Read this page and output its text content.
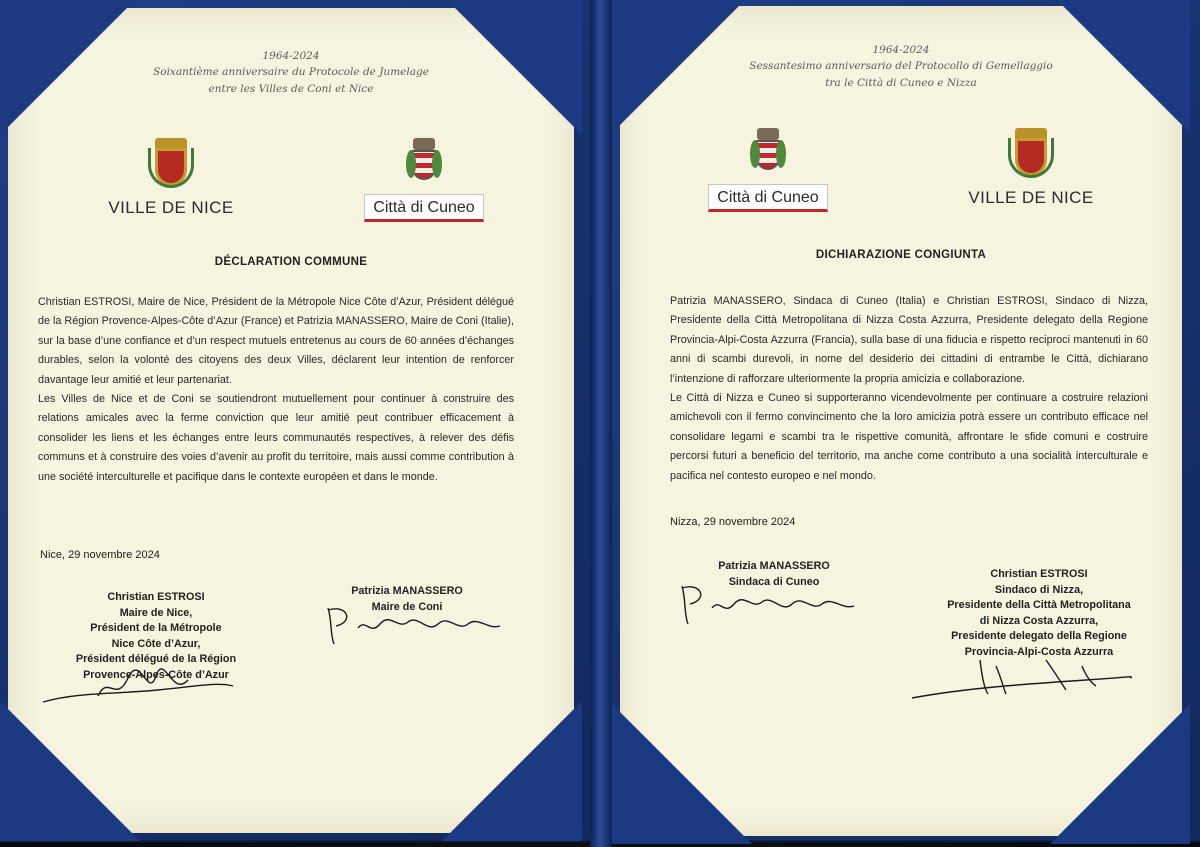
1964-2024
Soixantième anniversaire du Protocole de Jumelage
entre les Villes de Coni et Nice
VILLE DE NICE	Città di Cuneo
DÉCLARATION COMMUNE

Christian ESTROSI, Maire de Nice, Président de la Métropole Nice Côte d’Azur, Président délégué de la Région Provence-Alpes-Côte d’Azur (France) et Patrizia MANASSERO, Maire de Coni (Italie), sur la base d’une confiance et d’un respect mutuels entretenus au cours de 60 années d’échanges durables, selon la volonté des citoyens des deux Villes, déclarent leur intention de renforcer davantage leur amitié et leur partenariat.

Les Villes de Nice et de Coni se soutiendront mutuellement pour continuer à construire des relations amicales avec la ferme conviction que leur amitié peut contribuer efficacement à consolider les liens et les échanges entre leurs communautés respectives, à relever des défis communs et à construire des voies d’avenir au profit du territoire, mais aussi comme contribution à une société interculturelle et pacifique dans le contexte européen et dans le monde.

Nice, 29 novembre 2024
Christian ESTROSI
Maire de Nice,
Président de la Métropole
Nice Côte d’Azur,
Président délégué de la Région
Provence-Alpes-Côte d’Azur
Patrizia MANASSERO
Maire de Coni
1964-2024
Sessantesimo anniversario del Protocollo di Gemellaggio
tra le Città di Cuneo e Nizza
Città di Cuneo	VILLE DE NICE
DICHIARAZIONE CONGIUNTA

Patrizia MANASSERO, Sindaca di Cuneo (Italia) e Christian ESTROSI, Sindaco di Nizza, Presidente della Città Metropolitana di Nizza Costa Azzurra, Presidente delegato della Regione Provincia-Alpi-Costa Azzurra (Francia), sulla base di una fiducia e rispetto reciproci mantenuti in 60 anni di scambi durevoli, in nome del desiderio dei cittadini di entrambe le Città, dichiarano l’intenzione di rafforzare ulteriormente la propria amicizia e collaborazione.

Le Città di Nizza e Cuneo si supporteranno vicendevolmente per continuare a costruire relazioni amichevoli con il fermo convincimento che la loro amicizia potrà essere un contributo efficace nel consolidare legami e scambi tra le rispettive comunità, affrontare le sfide comuni e costruire percorsi futuri a beneficio del territorio, ma anche come contributo a una socialità interculturale e pacifica nel contesto europeo e nel mondo.

Nizza, 29 novembre 2024
Patrizia MANASSERO
Sindaca di Cuneo
Christian ESTROSI
Sindaco di Nizza,
Presidente della Città Metropolitana
di Nizza Costa Azzurra,
Presidente delegato della Regione
Provincia-Alpi-Costa Azzurra
